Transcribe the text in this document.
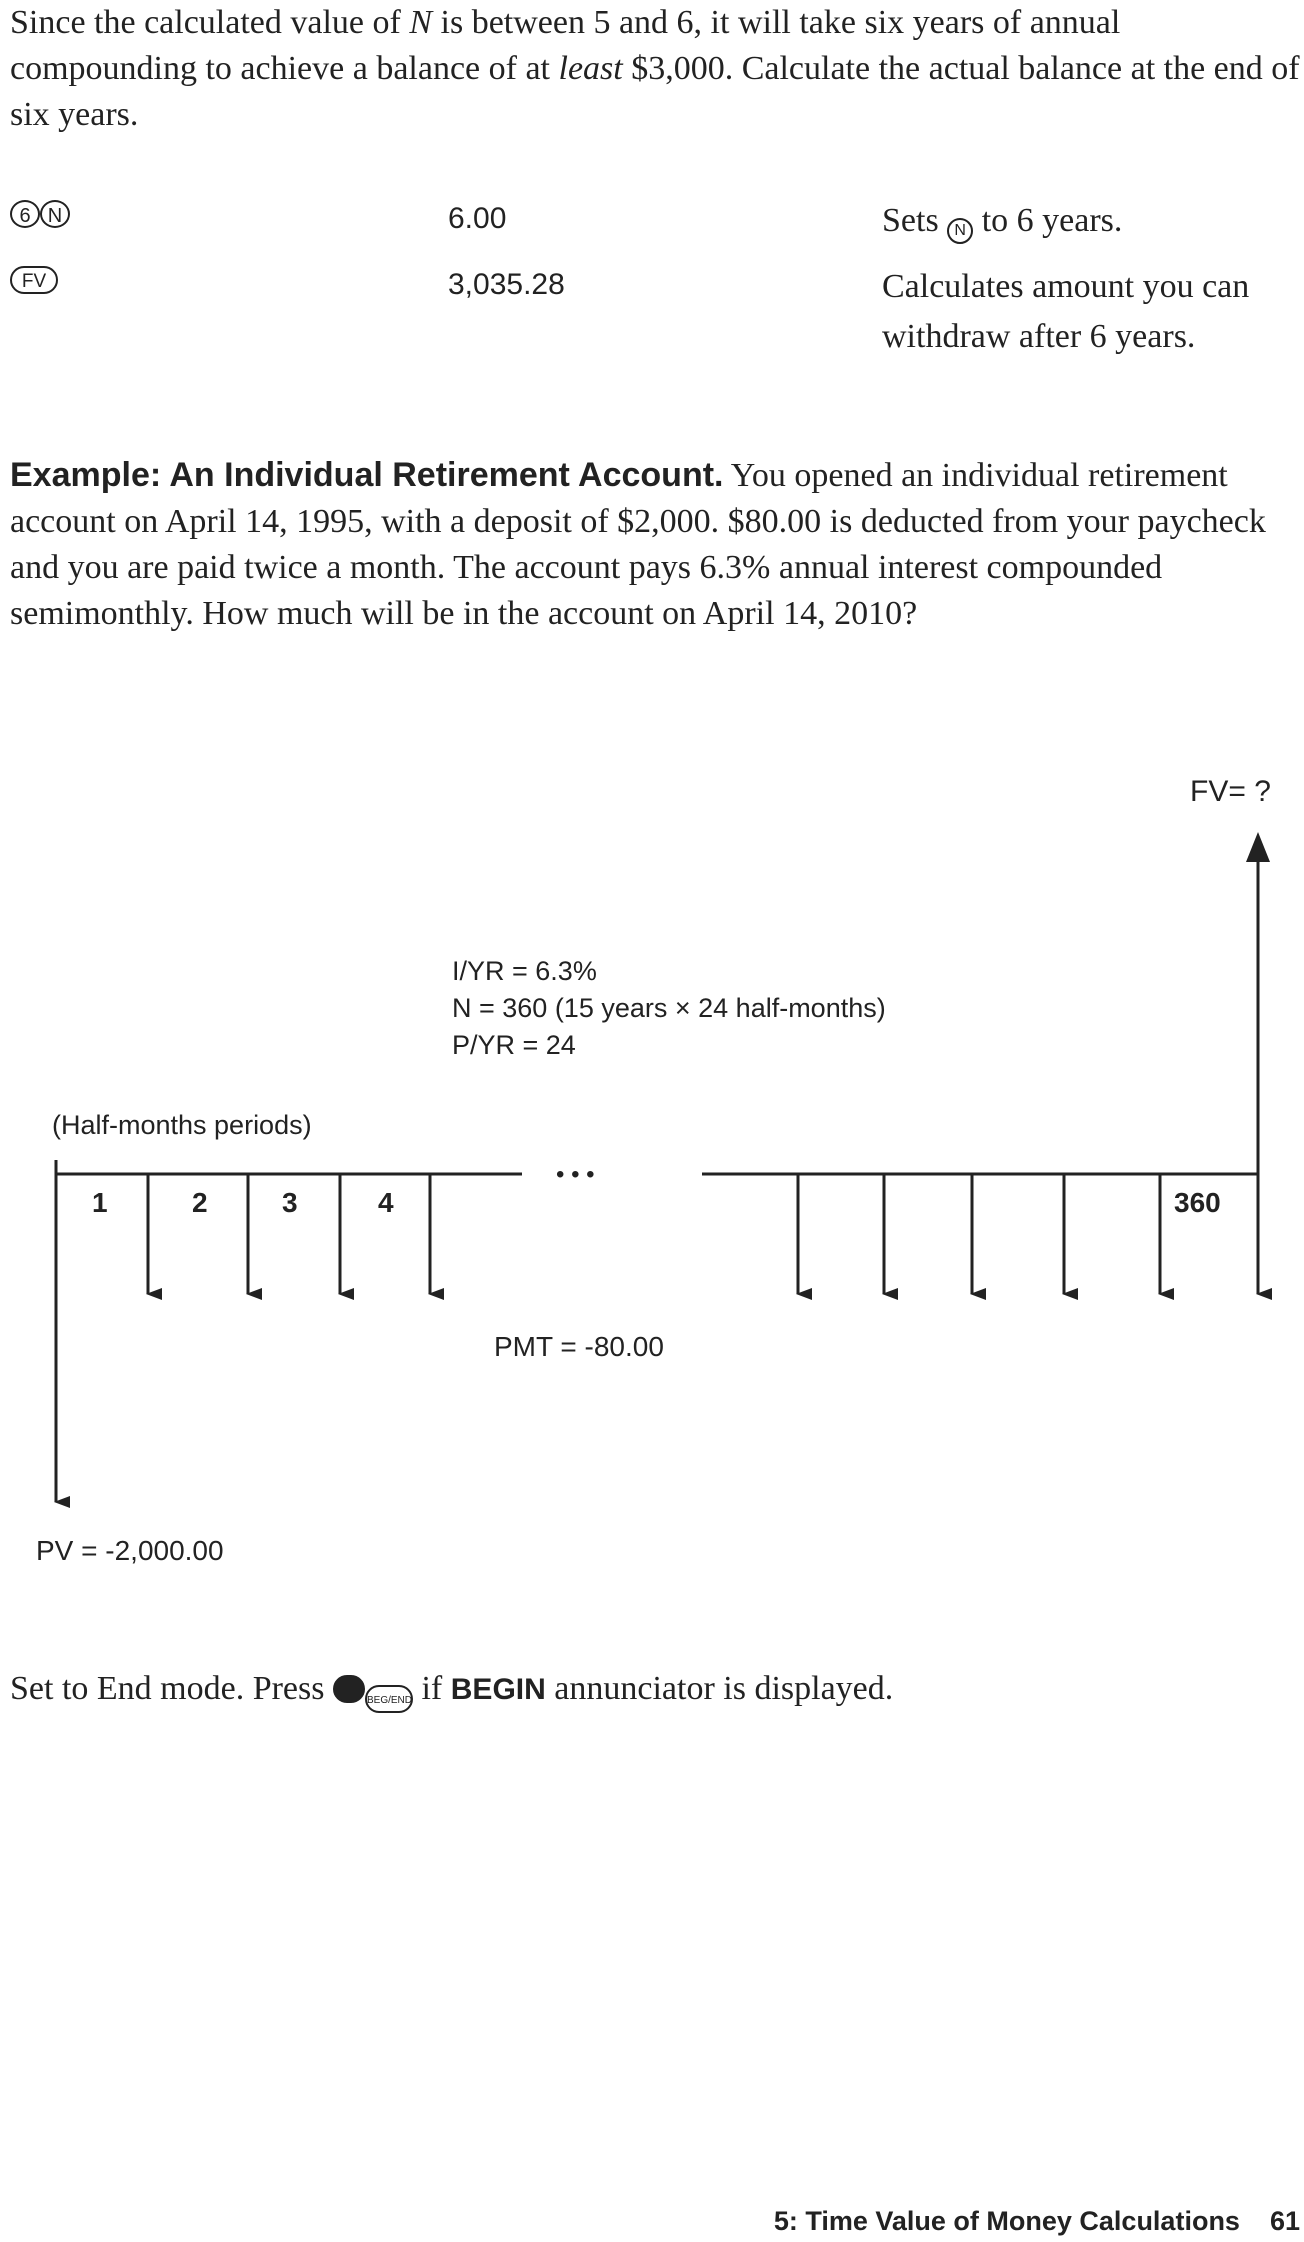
Since the calculated value of N is between 5 and 6, it will take six years of annual compounding to achieve a balance of at least $3,000. Calculate the actual balance at the end of six years.

6 N	6.00	Sets N to 6 years.
FV	3,035.28	Calculates amount you can withdraw after 6 years.

Example: An Individual Retirement Account. You opened an individual retirement account on April 14, 1995, with a deposit of $2,000. $80.00 is deducted from your paycheck and you are paid twice a month. The account pays 6.3% annual interest compounded semimonthly. How much will be in the account on April 14, 2010?

FV= ?
I/YR = 6.3%
N = 360 (15 years × 24 half-months)
P/YR = 24
(Half-months periods)
• • •
1	2	3	4	360
PMT = -80.00
PV = -2,000.00

Set to End mode. Press	BEG/END if BEGIN annunciator is displayed.

5: Time Value of Money Calculations 61
